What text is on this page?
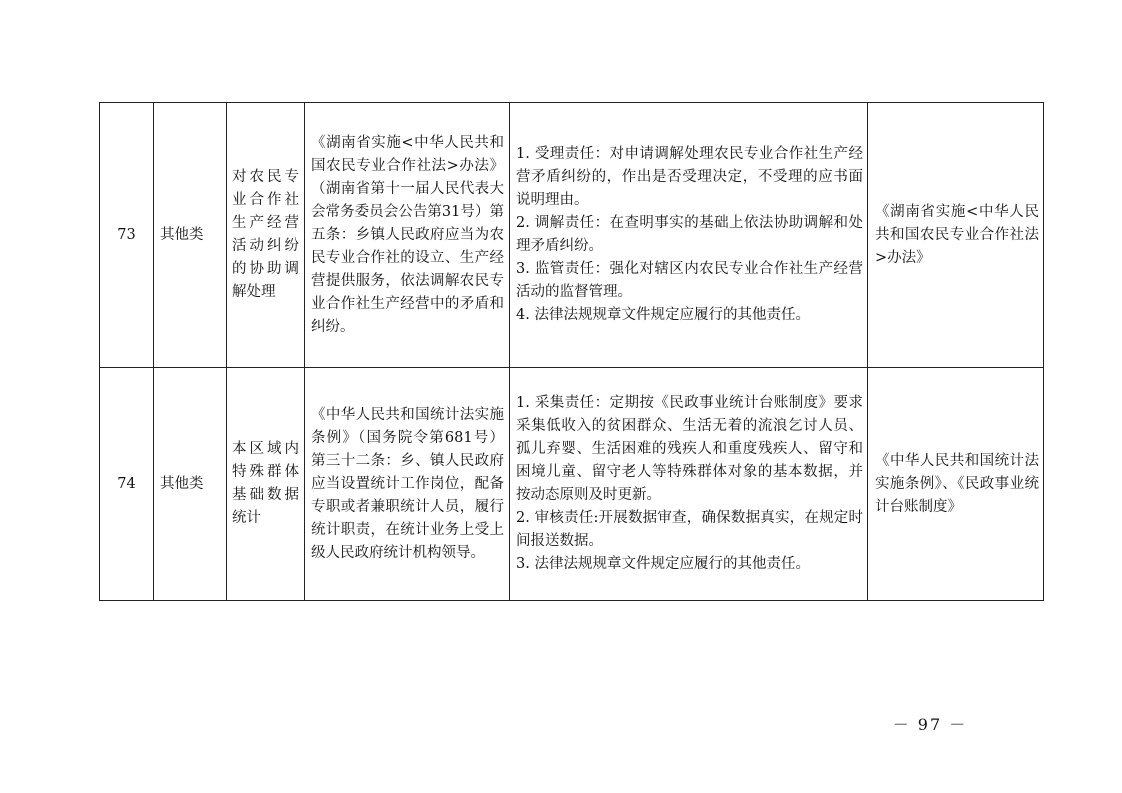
73	其他类	对农民专业合作社生产经营活动纠纷的协助调解处理	《湖南省实施<中华人民共和国农民专业合作社法>办法》（湖南省第十一届人民代表大会常务委员会公告第31号）第五条：乡镇人民政府应当为农民专业合作社的设立、生产经营提供服务，依法调解农民专业合作社生产经营中的矛盾和纠纷。	1. 受理责任：对申请调解处理农民专业合作社生产经营矛盾纠纷的，作出是否受理决定，不受理的应书面说明理由。
2. 调解责任：在查明事实的基础上依法协助调解和处理矛盾纠纷。
3. 监管责任：强化对辖区内农民专业合作社生产经营活动的监督管理。
4. 法律法规规章文件规定应履行的其他责任。	《湖南省实施<中华人民共和国农民专业合作社法>办法》
74	其他类	本区域内特殊群体基础数据统计	《中华人民共和国统计法实施条例》（国务院令第681号）第三十二条：乡、镇人民政府应当设置统计工作岗位，配备专职或者兼职统计人员，履行统计职责，在统计业务上受上级人民政府统计机构领导。	1. 采集责任：定期按《民政事业统计台账制度》要求采集低收入的贫困群众、生活无着的流浪乞讨人员、孤儿弃婴、生活困难的残疾人和重度残疾人、留守和困境儿童、留守老人等特殊群体对象的基本数据，并按动态原则及时更新。
2. 审核责任:开展数据审查，确保数据真实，在规定时间报送数据。
3. 法律法规规章文件规定应履行的其他责任。	《中华人民共和国统计法实施条例》、《民政事业统计台账制度》
－ 97 －
